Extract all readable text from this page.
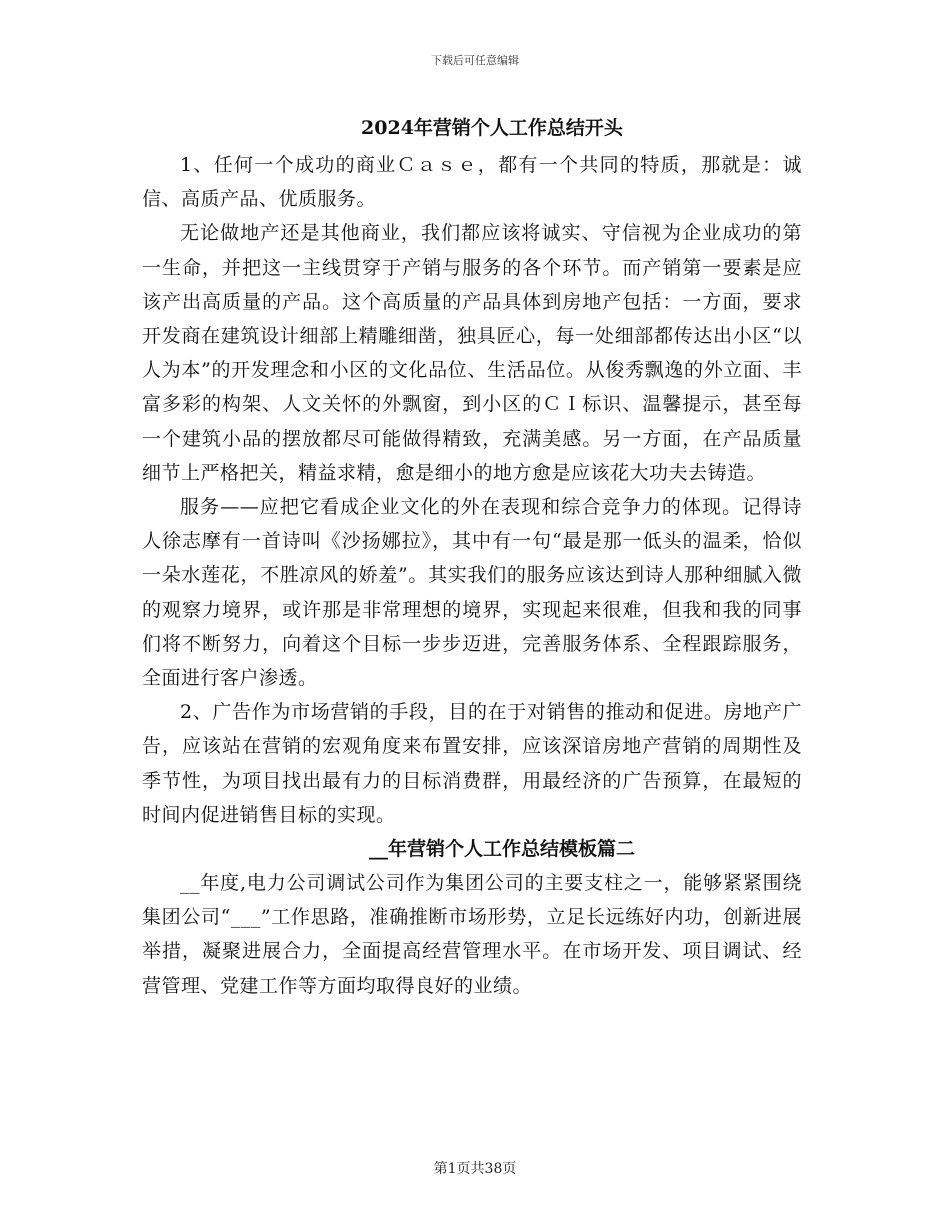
下载后可任意编辑
2024年营销个人工作总结开头

1、任何一个成功的商业Ｃａｓｅ，都有一个共同的特质，那就是：诚信、高质产品、优质服务。

无论做地产还是其他商业，我们都应该将诚实、守信视为企业成功的第一生命，并把这一主线贯穿于产销与服务的各个环节。而产销第一要素是应该产出高质量的产品。这个高质量的产品具体到房地产包括：一方面，要求开发商在建筑设计细部上精雕细凿，独具匠心，每一处细部都传达出小区“以人为本”的开发理念和小区的文化品位、生活品位。从俊秀飘逸的外立面、丰富多彩的构架、人文关怀的外飘窗，到小区的ＣＩ标识、温馨提示，甚至每一个建筑小品的摆放都尽可能做得精致，充满美感。另一方面，在产品质量细节上严格把关，精益求精，愈是细小的地方愈是应该花大功夫去铸造。

服务——应把它看成企业文化的外在表现和综合竞争力的体现。记得诗人徐志摩有一首诗叫《沙扬娜拉》，其中有一句“最是那一低头的温柔，恰似一朵水莲花，不胜凉风的娇羞”。其实我们的服务应该达到诗人那种细腻入微的观察力境界，或许那是非常理想的境界，实现起来很难，但我和我的同事们将不断努力，向着这个目标一步步迈进，完善服务体系、全程跟踪服务，全面进行客户渗透。

2、广告作为市场营销的手段，目的在于对销售的推动和促进。房地产广告，应该站在营销的宏观角度来布置安排，应该深谙房地产营销的周期性及季节性，为项目找出最有力的目标消费群，用最经济的广告预算，在最短的时间内促进销售目标的实现。

__年营销个人工作总结模板篇二

__年度,电力公司调试公司作为集团公司的主要支柱之一，能够紧紧围绕集团公司“___”工作思路，准确推断市场形势，立足长远练好内功，创新进展举措，凝聚进展合力，全面提高经营管理水平。在市场开发、项目调试、经营管理、党建工作等方面均取得良好的业绩。

第1页共38页
